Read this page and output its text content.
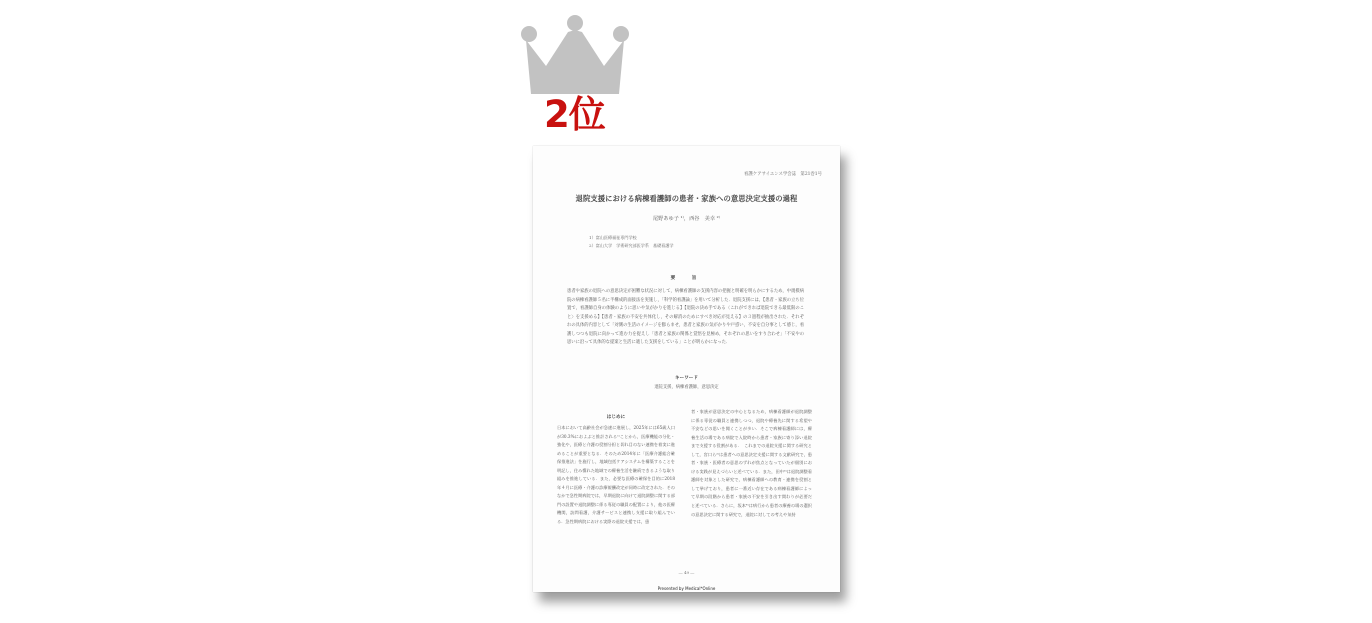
2位
看護ケアサイエンス学会誌　第21巻1号
退院支援における病棟看護師の患者・家族への意思決定支援の過程
尾野あゆ子 ¹⁾，西谷　美幸 ²⁾
1）富山医療福祉専門学校
2）富山大学　学術研究部医学系　基礎看護学
要　旨
患者や家族の退院への意思決定が困難な状況に対して，病棟看護師の支援内容の把握と明確を明らかにするため，中規模病院の病棟看護師５名に半構成的面接法を実施し，「科学的看護論」を用いて分析した．退院支援には，【患者・家族の立ち位置で，看護師自身の体験のように思いや気がかりを進じる】【退院の決め手である〈これができれば退院できる最低限のこと〉を支援める】【患者・家族の不安を共体化し，その解消のためにすべき対応が見える】の３過程が抽出された．それぞれの具体的内容として「対側の生活のイメージを膨らませ，患者と家族の気がかりや戸惑い，不安を自分事として感じ，看護しつつも退院に向かって進む力を捉えし「患者と家族の関係と覚悟を見極め，それぞれの思いをすり合わせ」「不安やの思いに沿って具体的な提案と生活に適した支援をしている」ことが明らかになった．
キーワード
退院支援，病棟看護師，意思決定
はじめに
日本において高齢社会が急速に進展し，2025年には65歳人口が30.3%におよぶと推計される¹⁾ことから，医療機能の分化・強化や，医療と介護の役割分担と切れ目のない連携を着実に進めることが重要となる．そのため2014年に「医療介護総合確保推進法」を施行し，地域包括ケアシステムを構築することを明記し，住み慣れた地域での療養生活を継続できるような取り組みを推進している．また，必要な医療の確保を目的に2018年４月に医療・介護の診療報酬改定が同時に改定された．そのなかで急性期病院では，早期退院に向けて退院調整に関する部門の設置や退院調整に係る専従の職員の配置により，他の医療機関，訪問看護，介護サービスと連携し支援に取り組んでいる．急性期病院における実際の退院支援では，患
者・家族が意思決定の中心となるため，病棟看護師が退院調整に係る専従の職員と連携しつつ，退院や療養先に関する希望や不安などの思いを聞くことが多い．そこで病棟看護師には，療養生活の場である病院で入院時から患者・家族に寄り添い退院まで支援する役割がある．　これまでの退院支援に関する研究として，宮口ら²⁾は患者への意思決定支援に関する文献研究で，患者・家族・医療者の意思のずれが焦点となっていたが個別における実践が見えづらいと述べている．また，田中³⁾は退院調整看護師を対象とした研究で，病棟看護師への教育・連携を役割として挙げており，患者に一番近い存在である病棟看護師によって早期の段階から患者・家族の不安を引き出す関わりが必要だと述べている．さらに，坂本⁴⁾は病行から患者の療養の場の選択の意思決定に関する研究で，退院に対しての考えや気持
― 49 ―
Presented by Medical*Online
